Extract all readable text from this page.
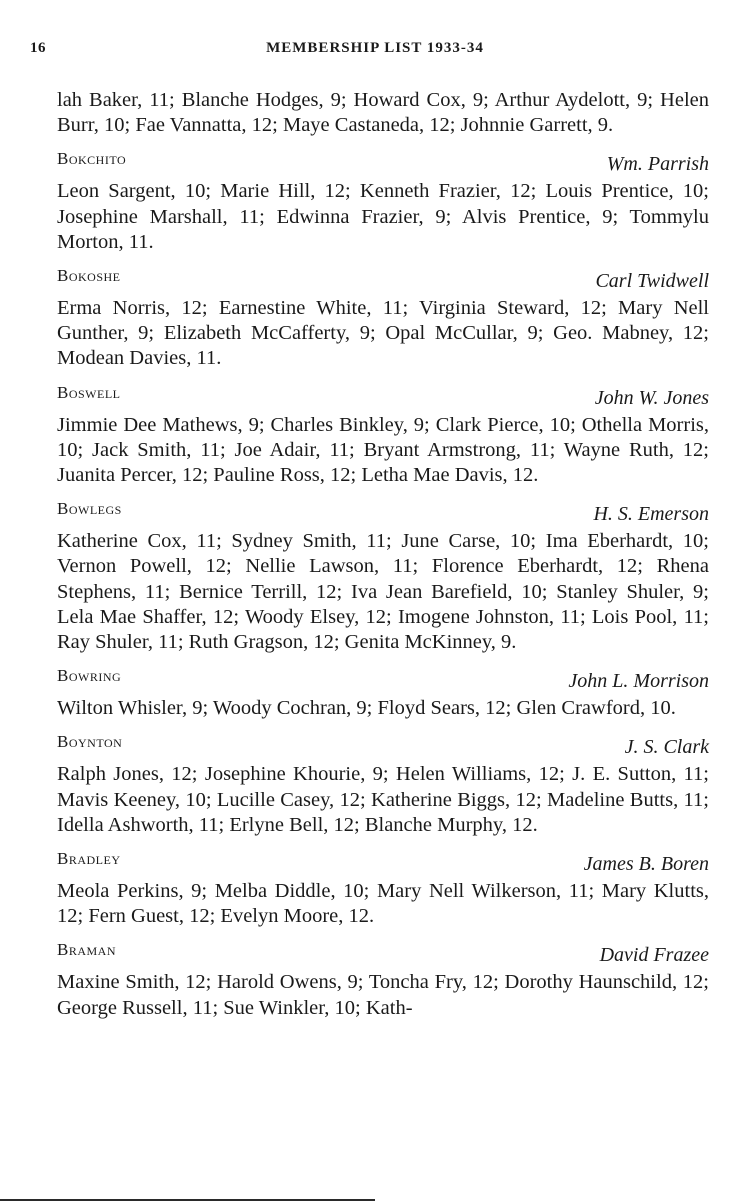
16	MEMBERSHIP LIST 1933-34

lah Baker, 11; Blanche Hodges, 9; Howard Cox, 9; Arthur Aydelott, 9; Helen Burr, 10; Fae Vannatta, 12; Maye Castaneda, 12; Johnnie Garrett, 9.

Bokchito	Wm. Parrish

Leon Sargent, 10; Marie Hill, 12; Kenneth Frazier, 12; Louis Prentice, 10; Josephine Marshall, 11; Edwinna Frazier, 9; Alvis Prentice, 9; Tommylu Morton, 11.

Bokoshe	Carl Twidwell

Erma Norris, 12; Earnestine White, 11; Virginia Steward, 12; Mary Nell Gunther, 9; Elizabeth McCafferty, 9; Opal McCullar, 9; Geo. Mabney, 12; Modean Davies, 11.

Boswell	John W. Jones

Jimmie Dee Mathews, 9; Charles Binkley, 9; Clark Pierce, 10; Othella Morris, 10; Jack Smith, 11; Joe Adair, 11; Bryant Armstrong, 11; Wayne Ruth, 12; Juanita Percer, 12; Pauline Ross, 12; Letha Mae Davis, 12.

Bowlegs	H. S. Emerson

Katherine Cox, 11; Sydney Smith, 11; June Carse, 10; Ima Eberhardt, 10; Vernon Powell, 12; Nellie Lawson, 11; Florence Eberhardt, 12; Rhena Stephens, 11; Bernice Terrill, 12; Iva Jean Barefield, 10; Stanley Shuler, 9; Lela Mae Shaffer, 12; Woody Elsey, 12; Imogene Johnston, 11; Lois Pool, 11; Ray Shuler, 11; Ruth Gragson, 12; Genita McKinney, 9.

Bowring	John L. Morrison

Wilton Whisler, 9; Woody Cochran, 9; Floyd Sears, 12; Glen Crawford, 10.

Boynton	J. S. Clark

Ralph Jones, 12; Josephine Khourie, 9; Helen Williams, 12; J. E. Sutton, 11; Mavis Keeney, 10; Lucille Casey, 12; Katherine Biggs, 12; Madeline Butts, 11; Idella Ashworth, 11; Erlyne Bell, 12; Blanche Murphy, 12.

Bradley	James B. Boren

Meola Perkins, 9; Melba Diddle, 10; Mary Nell Wilkerson, 11; Mary Klutts, 12; Fern Guest, 12; Evelyn Moore, 12.

Braman	David Frazee

Maxine Smith, 12; Harold Owens, 9; Toncha Fry, 12; Dorothy Haunschild, 12; George Russell, 11; Sue Winkler, 10; Kath-
